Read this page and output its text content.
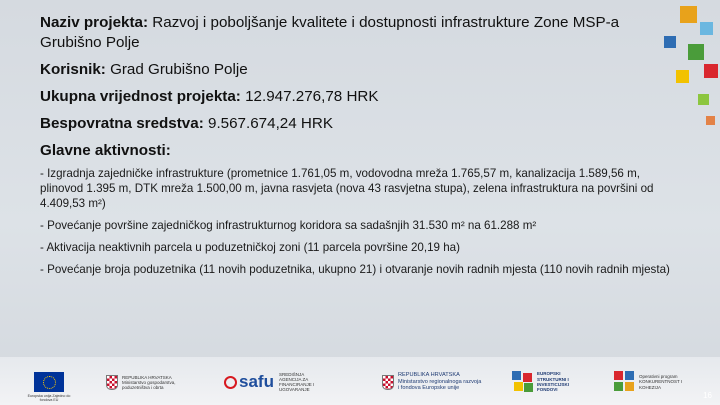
Naziv projekta: Razvoj i poboljšanje kvalitete i dostupnosti infrastrukture Zone MSP-a Grubišno Polje
Korisnik: Grad Grubišno Polje
Ukupna vrijednost projekta: 12.947.276,78 HRK
Bespovratna sredstva: 9.567.674,24 HRK
Glavne aktivnosti:
- Izgradnja zajedničke infrastrukture (prometnice 1.761,05 m, vodovodna mreža 1.765,57 m, kanalizacija 1.589,56 m, plinovod 1.395 m, DTK mreža 1.500,00 m, javna rasvjeta (nova 43 rasvjetna stupa), zelena infrastruktura na površini od 4.409,53 m²)
- Povećanje površine zajedničkog infrastrukturnog koridora sa sadašnjih 31.530 m² na 61.288 m²
- Aktivacija neaktivnih parcela u poduzetničkoj zoni (11 parcela površine 20,19 ha)
- Povećanje broja poduzetnika (11 novih poduzetnika, ukupno 21) i otvaranje novih radnih mjesta (110 novih radnih mjesta)
Europska unija Zajedno do fondova EU
REPUBLIKA HRVATSKA Ministarstvo gospodarstva, poduzetništva i obrta	safu SREDIŠNJA AGENCIJA ZA FINANCIRANJE I UGOVARANJE
REPUBLIKA HRVATSKA Ministarstvo regionalnoga razvoja i fondova Europske unije
EUROPSKI STRUKTURNI I INVESTICIJSKI FONDOVI
Operativni program KONKURENTNOST I KOHEZIJA
16
